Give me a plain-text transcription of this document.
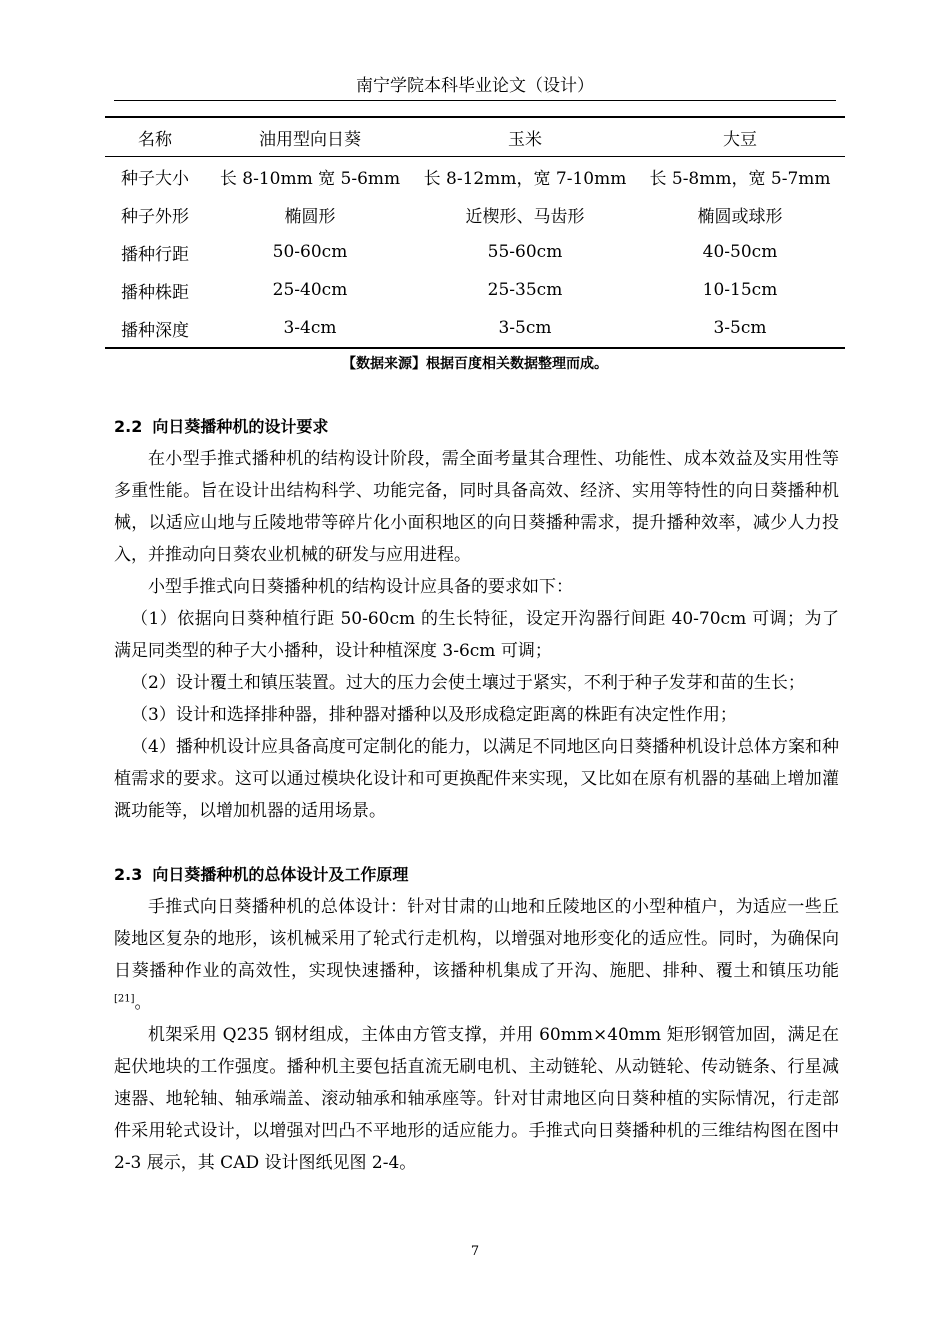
南宁学院本科毕业论文（设计）
名称	油用型向日葵	玉米	大豆
种子大小	长 8-10mm 宽 5-6mm	长 8-12mm，宽 7-10mm	长 5-8mm，宽 5-7mm
种子外形	椭圆形	近楔形、马齿形	椭圆或球形
播种行距	50-60cm	55-60cm	40-50cm
播种株距	25-40cm	25-35cm	10-15cm
播种深度	3-4cm	3-5cm	3-5cm
【数据来源】根据百度相关数据整理而成。
2.2 向日葵播种机的设计要求

在小型手推式播种机的结构设计阶段，需全面考量其合理性、功能性、成本效益及实用性等多重性能。旨在设计出结构科学、功能完备，同时具备高效、经济、实用等特性的向日葵播种机械，以适应山地与丘陵地带等碎片化小面积地区的向日葵播种需求，提升播种效率，减少人力投入，并推动向日葵农业机械的研发与应用进程。

小型手推式向日葵播种机的结构设计应具备的要求如下：

（1）依据向日葵种植行距 50-60cm 的生长特征，设定开沟器行间距 40-70cm 可调；为了满足同类型的种子大小播种，设计种植深度 3-6cm 可调；

（2）设计覆土和镇压装置。过大的压力会使土壤过于紧实，不利于种子发芽和苗的生长；

（3）设计和选择排种器，排种器对播种以及形成稳定距离的株距有决定性作用；

（4）播种机设计应具备高度可定制化的能力，以满足不同地区向日葵播种机设计总体方案和种植需求的要求。这可以通过模块化设计和可更换配件来实现，又比如在原有机器的基础上增加灌溉功能等，以增加机器的适用场景。

2.3 向日葵播种机的总体设计及工作原理

手推式向日葵播种机的总体设计：针对甘肃的山地和丘陵地区的小型种植户，为适应一些丘陵地区复杂的地形，该机械采用了轮式行走机构，以增强对地形变化的适应性。同时，为确保向日葵播种作业的高效性，实现快速播种，该播种机集成了开沟、施肥、排种、覆土和镇压功能[21]。

机架采用 Q235 钢材组成，主体由方管支撑，并用 60mm×40mm 矩形钢管加固，满足在起伏地块的工作强度。播种机主要包括直流无刷电机、主动链轮、从动链轮、传动链条、行星减速器、地轮轴、轴承端盖、滚动轴承和轴承座等。针对甘肃地区向日葵种植的实际情况，行走部件采用轮式设计，以增强对凹凸不平地形的适应能力。手推式向日葵播种机的三维结构图在图中 2-3 展示，其 CAD 设计图纸见图 2-4。

7
